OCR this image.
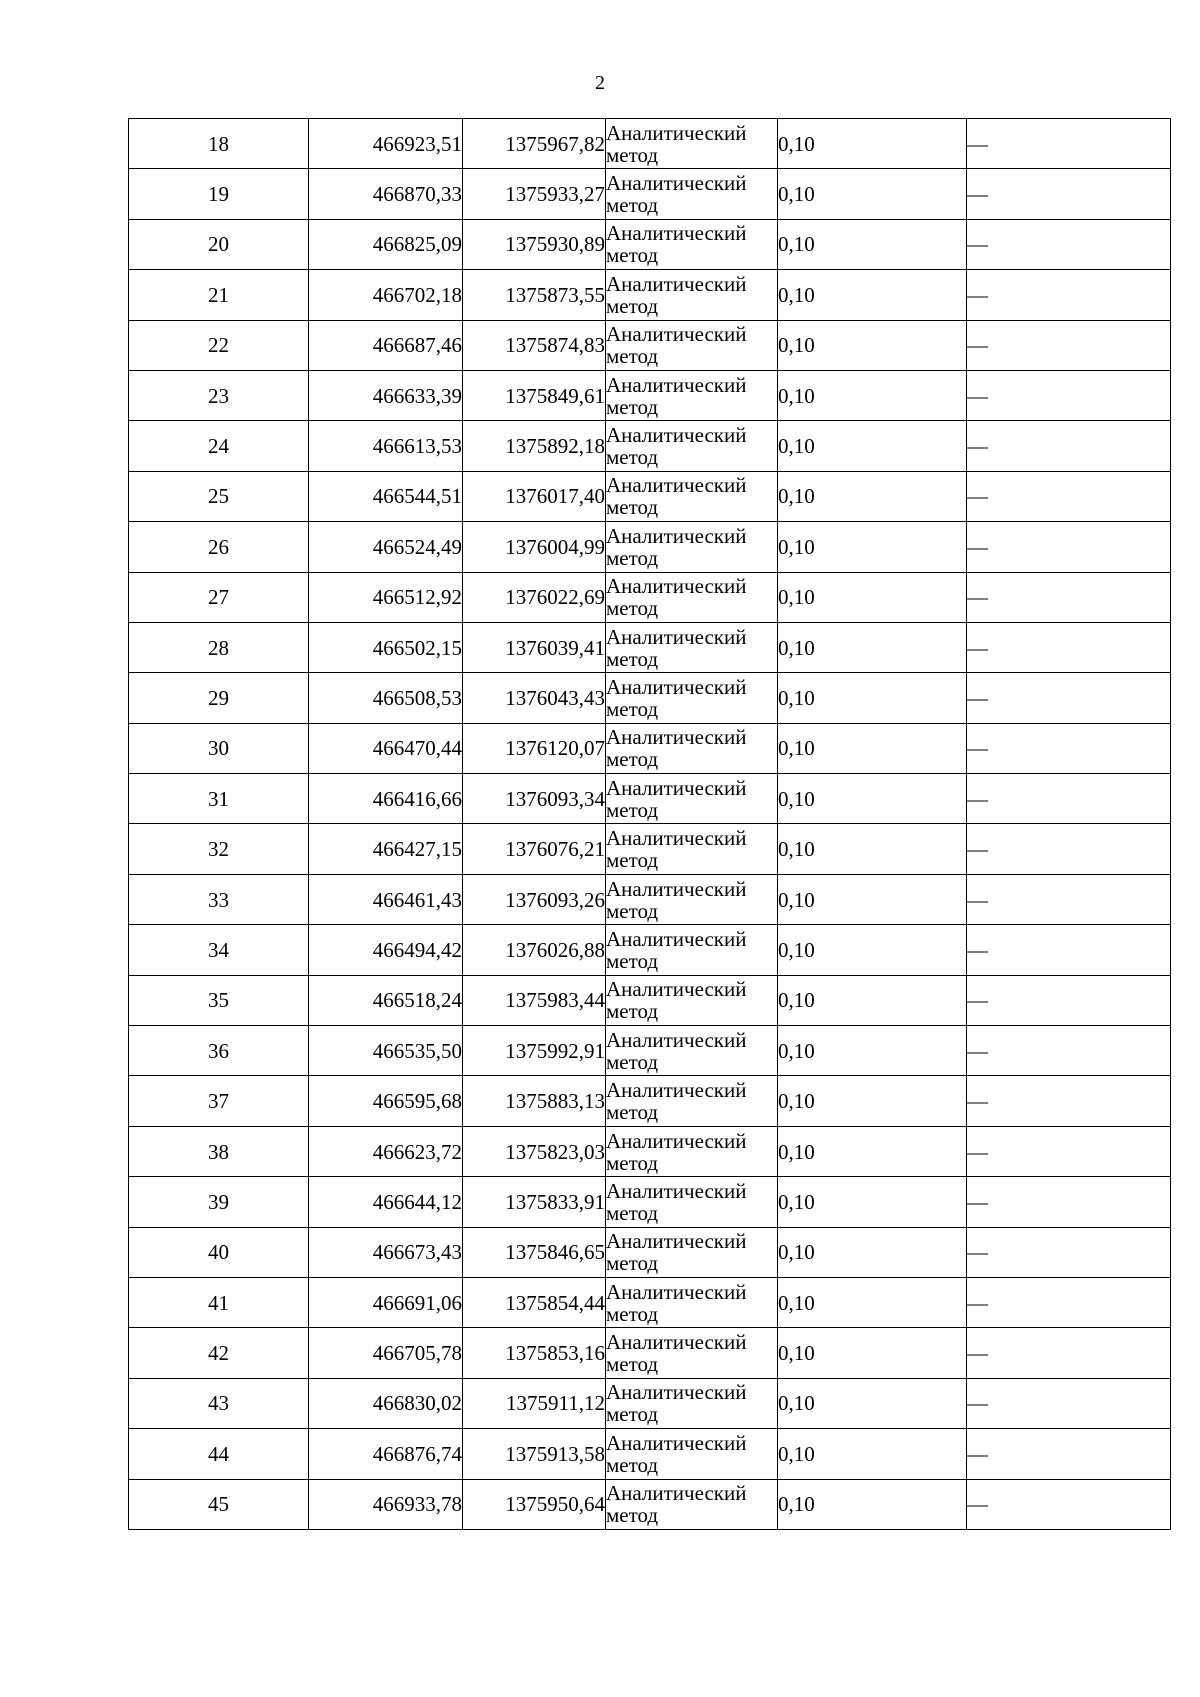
2
18	466923,51	1375967,82	Аналитический
метод	0,10	—
19	466870,33	1375933,27	Аналитический
метод	0,10	—
20	466825,09	1375930,89	Аналитический
метод	0,10	—
21	466702,18	1375873,55	Аналитический
метод	0,10	—
22	466687,46	1375874,83	Аналитический
метод	0,10	—
23	466633,39	1375849,61	Аналитический
метод	0,10	—
24	466613,53	1375892,18	Аналитический
метод	0,10	—
25	466544,51	1376017,40	Аналитический
метод	0,10	—
26	466524,49	1376004,99	Аналитический
метод	0,10	—
27	466512,92	1376022,69	Аналитический
метод	0,10	—
28	466502,15	1376039,41	Аналитический
метод	0,10	—
29	466508,53	1376043,43	Аналитический
метод	0,10	—
30	466470,44	1376120,07	Аналитический
метод	0,10	—
31	466416,66	1376093,34	Аналитический
метод	0,10	—
32	466427,15	1376076,21	Аналитический
метод	0,10	—
33	466461,43	1376093,26	Аналитический
метод	0,10	—
34	466494,42	1376026,88	Аналитический
метод	0,10	—
35	466518,24	1375983,44	Аналитический
метод	0,10	—
36	466535,50	1375992,91	Аналитический
метод	0,10	—
37	466595,68	1375883,13	Аналитический
метод	0,10	—
38	466623,72	1375823,03	Аналитический
метод	0,10	—
39	466644,12	1375833,91	Аналитический
метод	0,10	—
40	466673,43	1375846,65	Аналитический
метод	0,10	—
41	466691,06	1375854,44	Аналитический
метод	0,10	—
42	466705,78	1375853,16	Аналитический
метод	0,10	—
43	466830,02	1375911,12	Аналитический
метод	0,10	—
44	466876,74	1375913,58	Аналитический
метод	0,10	—
45	466933,78	1375950,64	Аналитический
метод	0,10	—
